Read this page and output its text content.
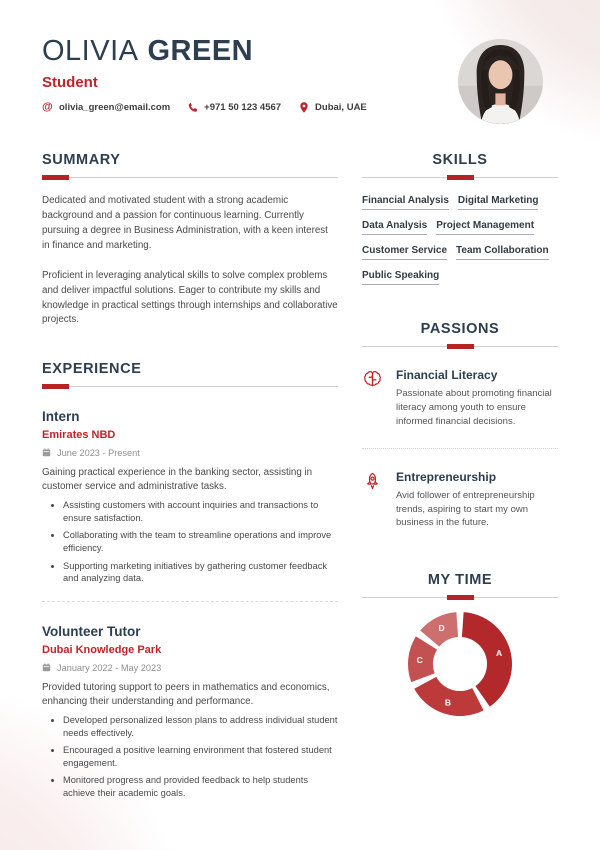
OLIVIA GREEN
Student
@ olivia_green@email.com	+971 50 123 4567	Dubai, UAE
SUMMARY

Dedicated and motivated student with a strong academic background and a passion for continuous learning. Currently pursuing a degree in Business Administration, with a keen interest in finance and marketing.

Proficient in leveraging analytical skills to solve complex problems and deliver impactful solutions. Eager to contribute my skills and knowledge in practical settings through internships and collaborative projects.

EXPERIENCE
Intern
Emirates NBD
June 2023 - Present
Gaining practical experience in the banking sector, assisting in customer service and administrative tasks.
• Assisting customers with account inquiries and transactions to ensure satisfaction.
• Collaborating with the team to streamline operations and improve efficiency.
• Supporting marketing initiatives by gathering customer feedback and analyzing data.
Volunteer Tutor
Dubai Knowledge Park
January 2022 - May 2023
Provided tutoring support to peers in mathematics and economics, enhancing their understanding and performance.
• Developed personalized lesson plans to address individual student needs effectively.
• Encouraged a positive learning environment that fostered student engagement.
• Monitored progress and provided feedback to help students achieve their academic goals.
SKILLS
Financial Analysis Digital Marketing
Data Analysis Project Management
Customer Service Team Collaboration
Public Speaking
PASSIONS
Financial Literacy
Passionate about promoting financial literacy among youth to ensure informed financial decisions.
Entrepreneurship
Avid follower of entrepreneurship trends, aspiring to start my own business in the future.
MY TIME
A
B
C
D
